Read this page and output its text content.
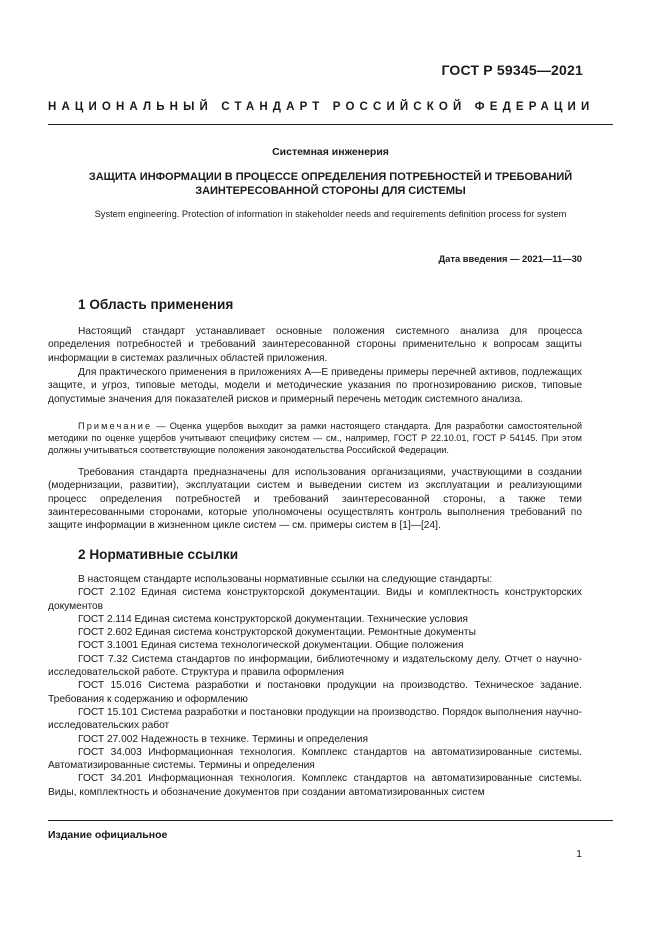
ГОСТ Р 59345—2021
НАЦИОНАЛЬНЫЙ СТАНДАРТ РОССИЙСКОЙ ФЕДЕРАЦИИ
Системная инженерия
ЗАЩИТА ИНФОРМАЦИИ В ПРОЦЕССЕ ОПРЕДЕЛЕНИЯ ПОТРЕБНОСТЕЙ И ТРЕБОВАНИЙ
ЗАИНТЕРЕСОВАННОЙ СТОРОНЫ ДЛЯ СИСТЕМЫ
System engineering. Protection of information in stakeholder needs and requirements definition process for system
Дата введения — 2021—11—30
1 Область применения

Настоящий стандарт устанавливает основные положения системного анализа для процесса определения потребностей и требований заинтересованной стороны применительно к вопросам защиты информации в системах различных областей приложения.

Для практического применения в приложениях А—Е приведены примеры перечней активов, подлежащих защите, и угроз, типовые методы, модели и методические указания по прогнозированию рисков, типовые допустимые значения для показателей рисков и примерный перечень методик системного анализа.

Примечание — Оценка ущербов выходит за рамки настоящего стандарта. Для разработки самостоятельной методики по оценке ущербов учитывают специфику систем — см., например, ГОСТ Р 22.10.01, ГОСТ Р 54145. При этом должны учитываться соответствующие положения законодательства Российской Федерации.

Требования стандарта предназначены для использования организациями, участвующими в создании (модернизации, развитии), эксплуатации систем и выведении систем из эксплуатации и реализующими процесс определения потребностей и требований заинтересованной стороны, а также теми заинтересованными сторонами, которые уполномочены осуществлять контроль выполнения требований по защите информации в жизненном цикле систем — см. примеры систем в [1]—[24].

2 Нормативные ссылки

В настоящем стандарте использованы нормативные ссылки на следующие стандарты:

ГОСТ 2.102 Единая система конструкторской документации. Виды и комплектность конструкторских документов

ГОСТ 2.114 Единая система конструкторской документации. Технические условия

ГОСТ 2.602 Единая система конструкторской документации. Ремонтные документы

ГОСТ 3.1001 Единая система технологической документации. Общие положения

ГОСТ 7.32 Система стандартов по информации, библиотечному и издательскому делу. Отчет о научно-исследовательской работе. Структура и правила оформления

ГОСТ 15.016 Система разработки и постановки продукции на производство. Техническое задание. Требования к содержанию и оформлению

ГОСТ 15.101 Система разработки и постановки продукции на производство. Порядок выполнения научно-исследовательских работ

ГОСТ 27.002 Надежность в технике. Термины и определения

ГОСТ 34.003 Информационная технология. Комплекс стандартов на автоматизированные системы. Автоматизированные системы. Термины и определения

ГОСТ 34.201 Информационная технология. Комплекс стандартов на автоматизированные системы. Виды, комплектность и обозначение документов при создании автоматизированных систем

Издание официальное
1
